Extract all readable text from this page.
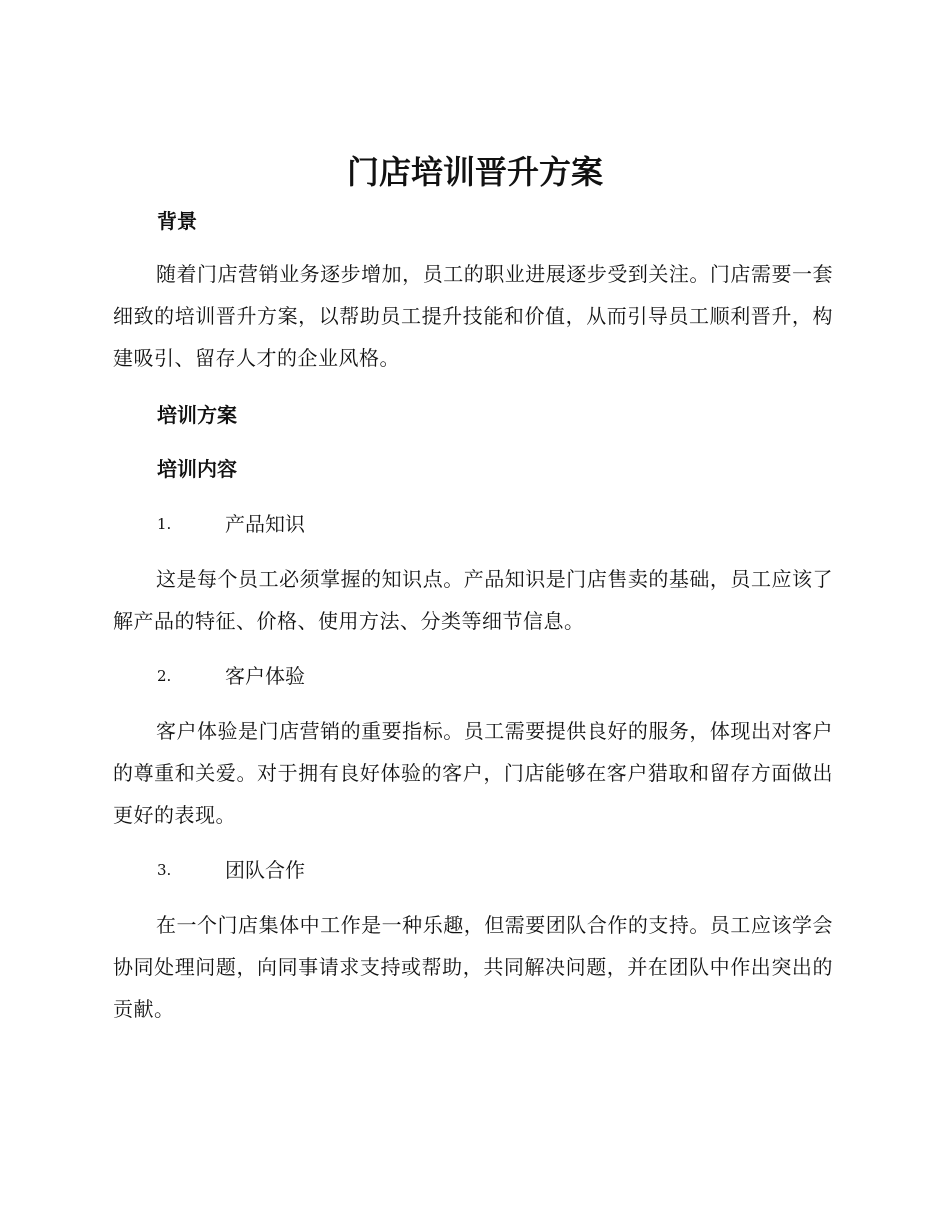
门店培训晋升方案
背景

随着门店营销业务逐步增加，员工的职业进展逐步受到关注。门店需要一套细致的培训晋升方案，以帮助员工提升技能和价值，从而引导员工顺利晋升，构建吸引、留存人才的企业风格。

培训方案
培训内容
1.	产品知识

这是每个员工必须掌握的知识点。产品知识是门店售卖的基础，员工应该了解产品的特征、价格、使用方法、分类等细节信息。

2.	客户体验

客户体验是门店营销的重要指标。员工需要提供良好的服务，体现出对客户的尊重和关爱。对于拥有良好体验的客户，门店能够在客户猎取和留存方面做出更好的表现。

3.	团队合作

在一个门店集体中工作是一种乐趣，但需要团队合作的支持。员工应该学会协同处理问题，向同事请求支持或帮助，共同解决问题，并在团队中作出突出的贡献。
